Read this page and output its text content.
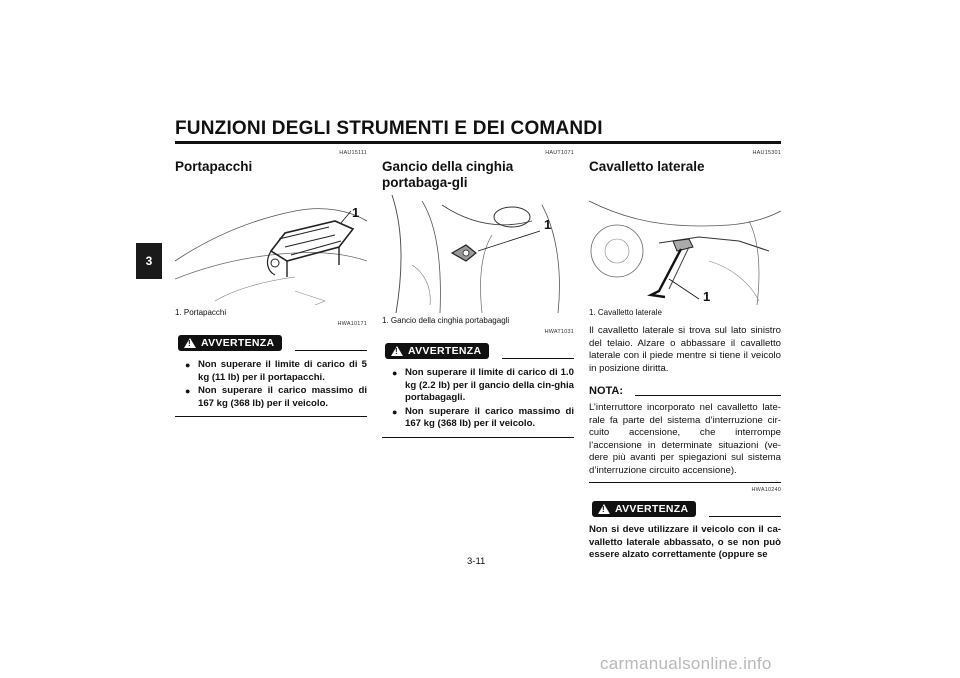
FUNZIONI DEGLI STRUMENTI E DEI COMANDI
3
HAU15111
Portapacchi
1
1. Portapacchi
HWA10171
!
AVVERTENZA
● Non superare il limite di carico di 5 kg (11 lb) per il portapacchi.
● Non superare il carico massimo di 167 kg (368 lb) per il veicolo.
HAUT1071
Gancio della cinghia portabaga-gli
1
1. Gancio della cinghia portabagagli
HWAT1031
!
AVVERTENZA
● Non superare il limite di carico di 1.0 kg (2.2 lb) per il gancio della cin-ghia portabagagli.
● Non superare il carico massimo di 167 kg (368 lb) per il veicolo.
HAU15301
Cavalletto laterale
1
1. Cavalletto laterale
Il cavalletto laterale si trova sul lato sinistro del telaio. Alzare o abbassare il cavalletto laterale con il piede mentre si tiene il veicolo in posizione diritta.
NOTA:
L’interruttore incorporato nel cavalletto late-rale fa parte del sistema d’interruzione cir-cuito accensione, che interrompe l’accensione in determinate situazioni (ve-dere più avanti per spiegazioni sul sistema d’interruzione circuito accensione).
HWA10240
!
AVVERTENZA
Non si deve utilizzare il veicolo con il ca-valletto laterale abbassato, o se non può essere alzato correttamente (oppure se
3-11
carmanualsonline.info
